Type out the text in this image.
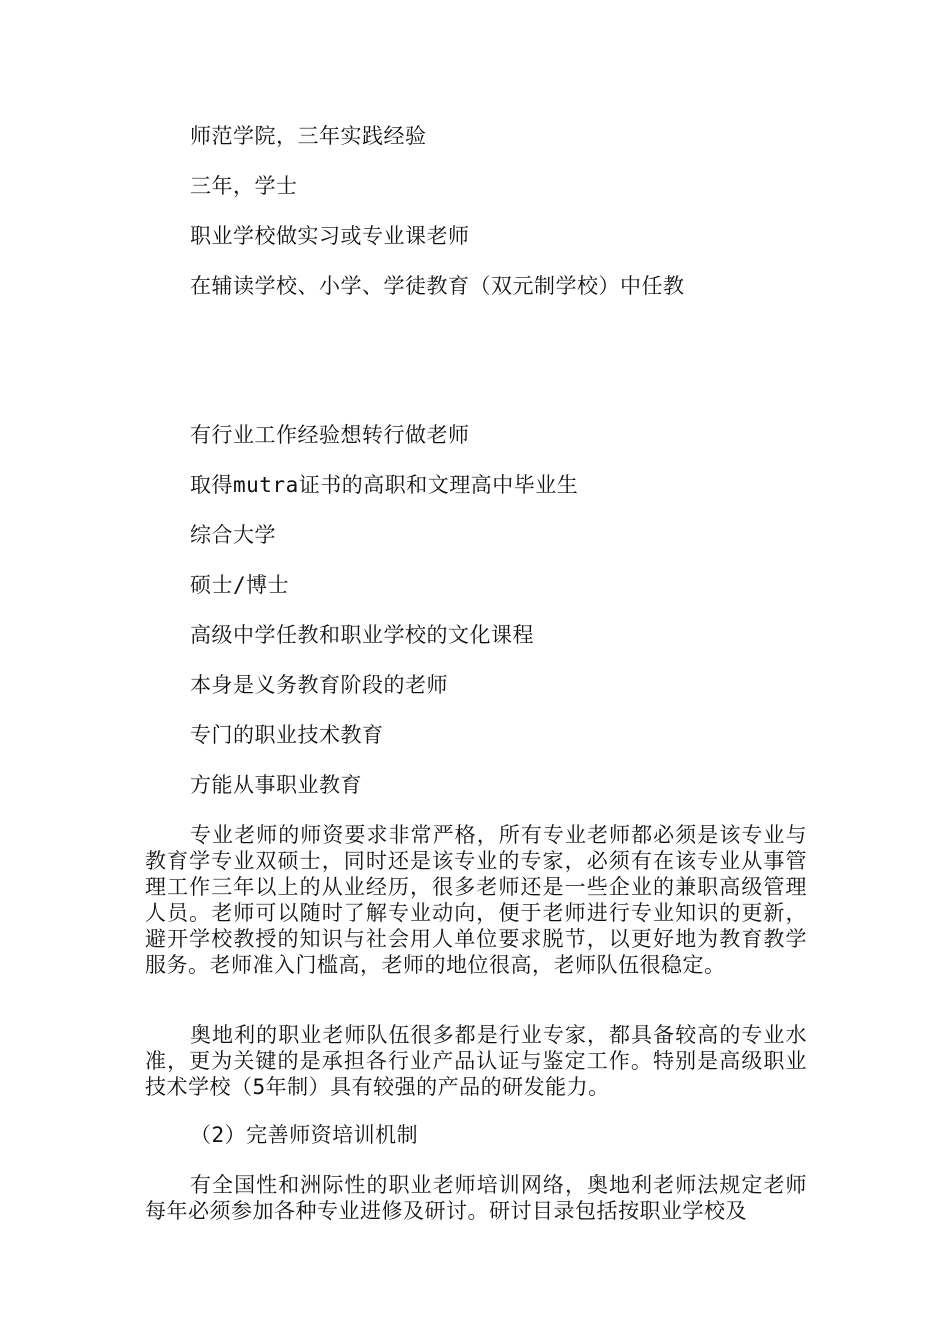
师范学院，三年实践经验
三年，学士
职业学校做实习或专业课老师
在辅读学校、小学、学徒教育（双元制学校）中任教
有行业工作经验想转行做老师
取得mutra证书的高职和文理高中毕业生
综合大学
硕士/博士
高级中学任教和职业学校的文化课程
本身是义务教育阶段的老师
专门的职业技术教育
方能从事职业教育

专业老师的师资要求非常严格，所有专业老师都必须是该专业与教育学专业双硕士，同时还是该专业的专家，必须有在该专业从事管理工作三年以上的从业经历，很多老师还是一些企业的兼职高级管理人员。老师可以随时了解专业动向，便于老师进行专业知识的更新，避开学校教授的知识与社会用人单位要求脱节，以更好地为教育教学服务。老师准入门槛高，老师的地位很高，老师队伍很稳定。

奥地利的职业老师队伍很多都是行业专家，都具备较高的专业水准，更为关键的是承担各行业产品认证与鉴定工作。特别是高级职业技术学校（5年制）具有较强的产品的研发能力。

（2）完善师资培训机制

有全国性和洲际性的职业老师培训网络，奥地利老师法规定老师每年必须参加各种专业进修及研讨。研讨目录包括按职业学校及
